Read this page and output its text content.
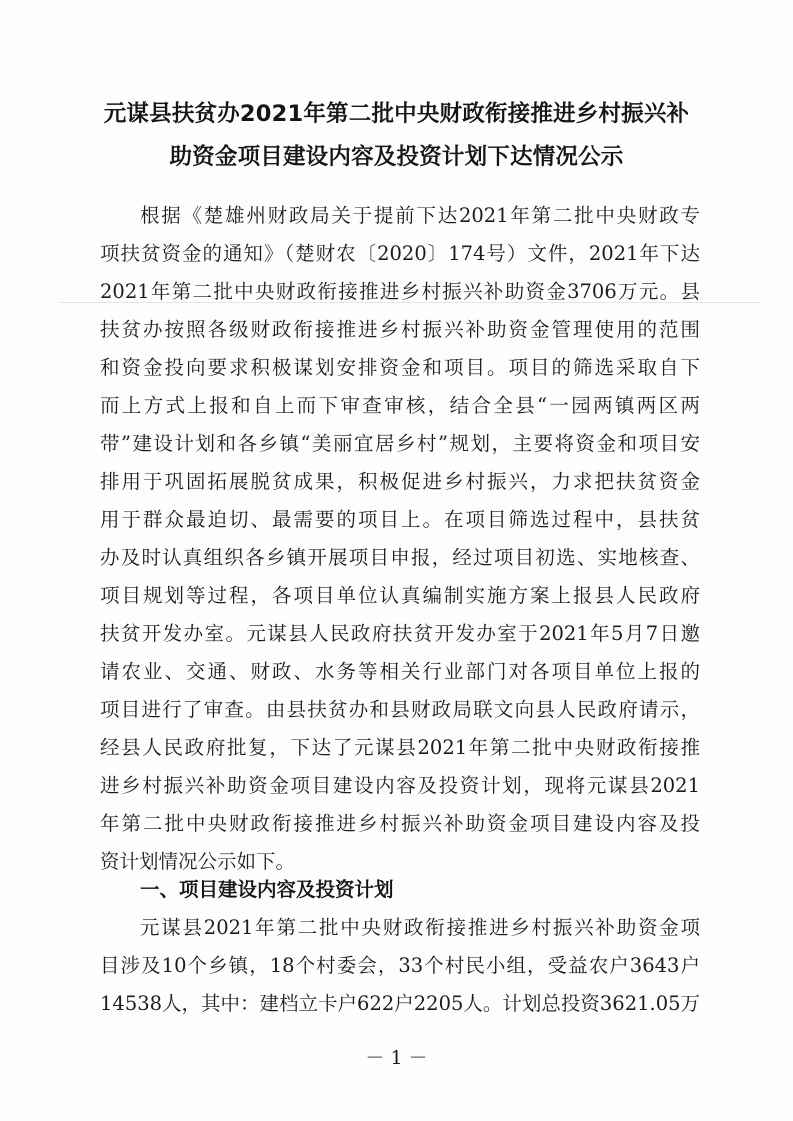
元谋县扶贫办2021年第二批中央财政衔接推进乡村振兴补
助资金项目建设内容及投资计划下达情况公示
根据《楚雄州财政局关于提前下达2021年第二批中央财政专
项扶贫资金的通知》（楚财农〔2020〕174号）文件，2021年下达
2021年第二批中央财政衔接推进乡村振兴补助资金3706万元。县
扶贫办按照各级财政衔接推进乡村振兴补助资金管理使用的范围
和资金投向要求积极谋划安排资金和项目。项目的筛选采取自下
而上方式上报和自上而下审查审核，结合全县“一园两镇两区两
带”建设计划和各乡镇“美丽宜居乡村”规划，主要将资金和项目安
排用于巩固拓展脱贫成果，积极促进乡村振兴，力求把扶贫资金
用于群众最迫切、最需要的项目上。在项目筛选过程中，县扶贫
办及时认真组织各乡镇开展项目申报，经过项目初选、实地核查、
项目规划等过程，各项目单位认真编制实施方案上报县人民政府
扶贫开发办室。元谋县人民政府扶贫开发办室于2021年5月7日邀
请农业、交通、财政、水务等相关行业部门对各项目单位上报的
项目进行了审查。由县扶贫办和县财政局联文向县人民政府请示，
经县人民政府批复，下达了元谋县2021年第二批中央财政衔接推
进乡村振兴补助资金项目建设内容及投资计划，现将元谋县2021
年第二批中央财政衔接推进乡村振兴补助资金项目建设内容及投
资计划情况公示如下。
一、项目建设内容及投资计划
元谋县2021年第二批中央财政衔接推进乡村振兴补助资金项
目涉及10个乡镇，18个村委会，33个村民小组，受益农户3643户
14538人，其中：建档立卡户622户2205人。计划总投资3621.05万
－ 1 －
